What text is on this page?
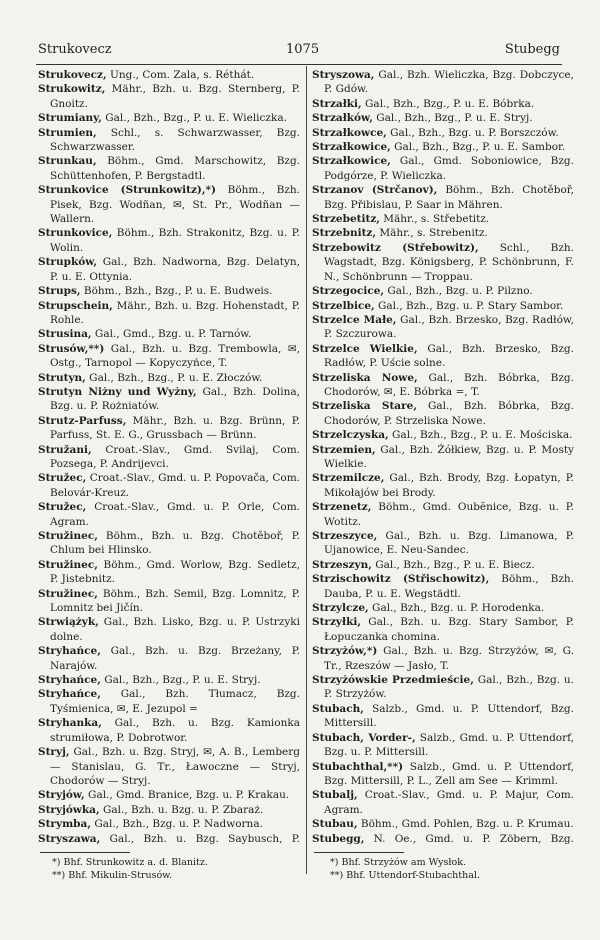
Strukovecz	1075	Stubegg

Strukovecz, Ung., Com. Zala, s. Réthát.

Strukowitz, Mähr., Bzh. u. Bzg. Sternberg, P. Gnoitz.

Strumiany, Gal., Bzh., Bzg., P. u. E. Wieliczka.

Strumien, Schl., s. Schwarzwasser, Bzg. Schwarzwasser.

Strunkau, Böhm., Gmd. Marschowitz, Bzg. Schüttenhofen, P. Bergstadtl.

Strunkovice (Strunkowitz),*) Böhm., Bzh. Pisek, Bzg. Wodñan, ✉, St. Pr., Wodñan — Wallern.

Strunkovice, Böhm., Bzh. Strakonitz, Bzg. u. P. Wolin.

Strupków, Gal., Bzh. Nadworna, Bzg. Delatyn, P. u. E. Ottynia.

Strups, Böhm., Bzh., Bzg., P. u. E. Budweis.

Strupschein, Mähr., Bzh. u. Bzg. Hohenstadt, P. Rohle.

Strusina, Gal., Gmd., Bzg. u. P. Tarnów.

Strusów,**) Gal., Bzh. u. Bzg. Trembowla, ✉, Ostg., Tarnopol — Kopyczyńce, T.

Strutyn, Gal., Bzh., Bzg., P. u. E. Złoczów.

Strutyn Niżny und Wyżny, Gal., Bzh. Dolina, Bzg. u. P. Rożniatów.

Strutz-Parfuss, Mähr., Bzh. u. Bzg. Brünn, P. Parfuss, St. E. G., Grussbach — Brünn.

Stružani, Croat.-Slav., Gmd. Svilaj, Com. Pozsega, P. Andrijevci.

Stružec, Croat.-Slav., Gmd. u. P. Popovača, Com. Belovár-Kreuz.

Stružec, Croat.-Slav., Gmd. u. P. Orle, Com. Agram.

Stružinec, Böhm., Bzh. u. Bzg. Chotěboř, P. Chlum bei Hlinsko.

Stružinec, Böhm., Gmd. Worlow, Bzg. Sedletz, P. Jistebnitz.

Stružinec, Böhm., Bzh. Semil, Bzg. Lomnitz, P. Lomnitz bei Jičín.

Strwiążyk, Gal., Bzh. Lisko, Bzg. u. P. Ustrzyki dolne.

Stryhańce, Gal., Bzh. u. Bzg. Brzeżany, P. Narajów.

Stryhańce, Gal., Bzh., Bzg., P. u. E. Stryj.

Stryhańce, Gal., Bzh. Tłumacz, Bzg. Tyśmienica, ✉, E. Jezupol =

Stryhanka, Gal., Bzh. u. Bzg. Kamionka strumiłowa, P. Dobrotwor.

Stryj, Gal., Bzh. u. Bzg. Stryj, ✉, A. B., Lemberg — Stanislau, G. Tr., Ławoczne — Stryj, Chodorów — Stryj.

Stryjów, Gal., Gmd. Branice, Bzg. u. P. Krakau.

Stryjówka, Gal., Bzh. u. Bzg. u. P. Zbaraż.

Strymba, Gal., Bzh., Bzg. u. P. Nadworna.

Stryszawa, Gal., Bzh. u. Bzg. Saybusch, P.

Stryszowa, Gal., Bzh. Wieliczka, Bzg. Dobczyce, P. Gdów.

Strzałki, Gal., Bzh., Bzg., P. u. E. Bóbrka.

Strzałków, Gal., Bzh., Bzg., P. u. E. Stryj.

Strzałkowce, Gal., Bzh., Bzg. u. P. Borszczów.

Strzałkowice, Gal., Bzh., Bzg., P. u. E. Sambor.

Strzałkowice, Gal., Gmd. Soboniowice, Bzg. Podgórze, P. Wieliczka.

Strzanov (Strčanov), Böhm., Bzh. Chotěboř, Bzg. Přibislau, P. Saar in Mähren.

Strzebetitz, Mähr., s. Střebetitz.

Strzebnitz, Mähr., s. Strebenitz.

Strzebowitz (Střebowitz), Schl., Bzh. Wagstadt, Bzg. Königsberg, P. Schönbrunn, F. N., Schönbrunn — Troppau.

Strzegocice, Gal., Bzh., Bzg. u. P. Pilzno.

Strzelbice, Gal., Bzh., Bzg. u. P. Stary Sambor.

Strzelce Małe, Gal., Bzh. Brzesko, Bzg. Radłów, P. Szczurowa.

Strzelce Wielkie, Gal., Bzh. Brzesko, Bzg. Radłów, P. Uście solne.

Strzeliska Nowe, Gal., Bzh. Bóbrka, Bzg. Chodorów, ✉, E. Bóbrka =, T.

Strzeliska Stare, Gal., Bzh. Bóbrka, Bzg. Chodorów, P. Strzeliska Nowe.

Strzelczyska, Gal., Bzh., Bzg., P. u. E. Mościska.

Strzemien, Gal., Bzh. Żółkiew, Bzg. u. P. Mosty Wielkie.

Strzemilcze, Gal., Bzh. Brody, Bzg. Łopatyn, P. Mikołajów bei Brody.

Strzenetz, Böhm., Gmd. Oubĕnice, Bzg. u. P. Wotitz.

Strzeszyce, Gal., Bzh. u. Bzg. Limanowa, P. Ujanowice, E. Neu-Sandec.

Strzeszyn, Gal., Bzh., Bzg., P. u. E. Biecz.

Strzischowitz (Střischowitz), Böhm., Bzh. Dauba, P. u. E. Wegstädtl.

Strzylcze, Gal., Bzh., Bzg. u. P. Horodenka.

Strzyłki, Gal., Bzh. u. Bzg. Stary Sambor, P. Łopuczanka chomina.

Strzyżów,*) Gal., Bzh. u. Bzg. Strzyżów, ✉, G. Tr., Rzeszów — Jasło, T.

Strzyżówskie Przedmieście, Gal., Bzh., Bzg. u. P. Strzyżów.

Stubach, Salzb., Gmd. u. P. Uttendorf, Bzg. Mittersill.

Stubach, Vorder-, Salzb., Gmd. u. P. Uttendorf, Bzg. u. P. Mittersill.

Stubachthal,**) Salzb., Gmd. u. P. Uttendorf, Bzg. Mittersill, P. L., Zell am See — Krimml.

Stubalj, Croat.-Slav., Gmd. u. P. Majur, Com. Agram.

Stubau, Böhm., Gmd. Pohlen, Bzg. u. P. Krumau.

Stubegg, N. Oe., Gmd. u. P. Zöbern, Bzg.

*) Bhf. Strunkowitz a. d. Blanitz.
**) Bhf. Mikulin-Strusów.
*) Bhf. Strzyżów am Wysłok.
**) Bhf. Uttendorf-Stubachthal.
